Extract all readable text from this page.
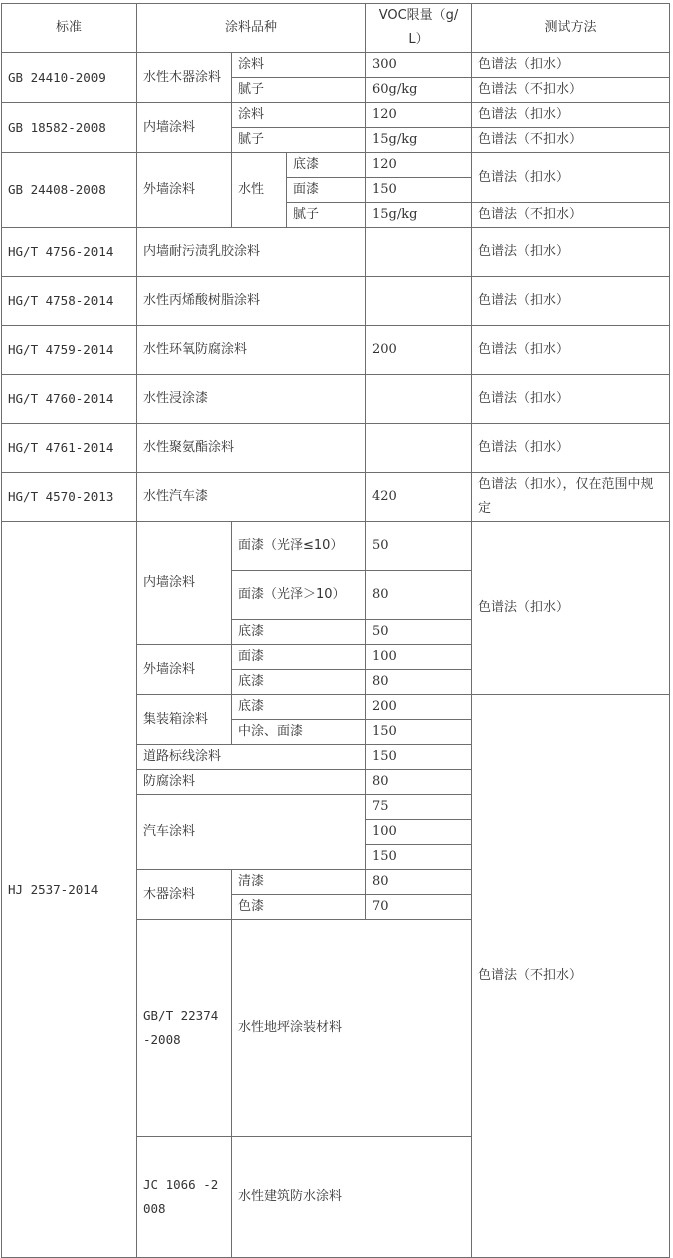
标准	涂料品种			VOC限量（g/L）	测试方法	
GB 24410-2009	水性木器涂料	涂料		300	色谱法（扣水）	
		腻子		60g/kg	色谱法（不扣水）	
GB 18582-2008	内墙涂料	涂料		120	色谱法（扣水）	
		腻子		15g/kg	色谱法（不扣水）	
GB 24408-2008	外墙涂料	水性	底漆	120	色谱法（扣水）	
			面漆	150		
			腻子	15g/kg	色谱法（不扣水）	
HG/T 4756-2014	内墙耐污渍乳胶涂料				色谱法（扣水）	
HG/T 4758-2014	水性丙烯酸树脂涂料				色谱法（扣水）	
HG/T 4759-2014	水性环氧防腐涂料			200	色谱法（扣水）	
HG/T 4760-2014	水性浸涂漆				色谱法（扣水）	
HG/T 4761-2014	水性聚氨酯涂料				色谱法（扣水）	
HG/T 4570-2013	水性汽车漆			420	色谱法（扣水），仅在范围中规定	
HJ 2537-2014	内墙涂料	面漆（光泽≤10）		50	色谱法（扣水）	
		面漆（光泽＞10）		80		
		底漆		50		
	外墙涂料	面漆		100		
		底漆		80		
	集装箱涂料	底漆		200	色谱法（不扣水）	
		中涂、面漆		150		
	道路标线涂料			150		
	防腐涂料			80		
	汽车涂料			75		
				100		
				150		
	木器涂料	清漆		80		
		色漆		70		
	GB/T 22374-2008	水性地坪涂装材料		
	JC 1066 -2008	水性建筑防水涂料		
